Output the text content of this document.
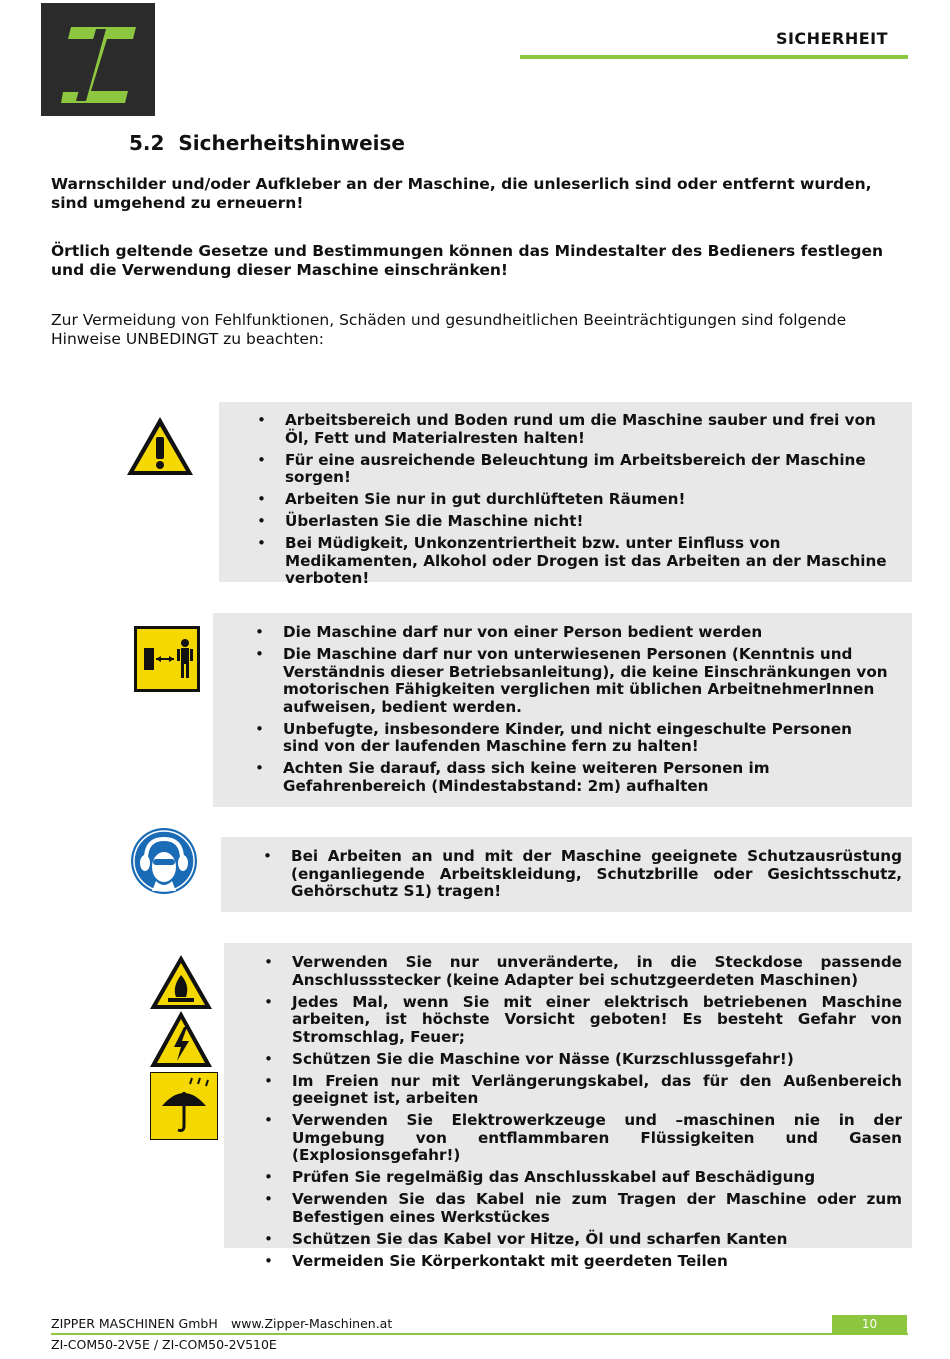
SICHERHEIT
5.2 Sicherheitshinweise
Warnschilder und/oder Aufkleber an der Maschine, die unleserlich sind oder entfernt wurden, sind umgehend zu erneuern!
Örtlich geltende Gesetze und Bestimmungen können das Mindestalter des Bedieners festlegen und die Verwendung dieser Maschine einschränken!
Zur Vermeidung von Fehlfunktionen, Schäden und gesundheitlichen Beeinträchtigungen sind folgende Hinweise UNBEDINGT zu beachten:
• Arbeitsbereich und Boden rund um die Maschine sauber und frei von Öl, Fett und Materialresten halten!
• Für eine ausreichende Beleuchtung im Arbeitsbereich der Maschine sorgen!
• Arbeiten Sie nur in gut durchlüfteten Räumen!
• Überlasten Sie die Maschine nicht!
• Bei Müdigkeit, Unkonzentriertheit bzw. unter Einfluss von Medikamenten, Alkohol oder Drogen ist das Arbeiten an der Maschine verboten!
• Die Maschine darf nur von einer Person bedient werden
• Die Maschine darf nur von unterwiesenen Personen (Kenntnis und Verständnis dieser Betriebsanleitung), die keine Einschränkungen von motorischen Fähigkeiten verglichen mit üblichen ArbeitnehmerInnen aufweisen, bedient werden.
• Unbefugte, insbesondere Kinder, und nicht eingeschulte Personen sind von der laufenden Maschine fern zu halten!
• Achten Sie darauf, dass sich keine weiteren Personen im Gefahrenbereich (Mindestabstand: 2m) aufhalten
• Bei Arbeiten an und mit der Maschine geeignete Schutzausrüstung (enganliegende Arbeitskleidung, Schutzbrille oder Gesichtsschutz, Gehörschutz S1) tragen!
• Verwenden Sie nur unveränderte, in die Steckdose passende Anschlussstecker (keine Adapter bei schutzgeerdeten Maschinen)
• Jedes Mal, wenn Sie mit einer elektrisch betriebenen Maschine arbeiten, ist höchste Vorsicht geboten! Es besteht Gefahr von Stromschlag, Feuer;
• Schützen Sie die Maschine vor Nässe (Kurzschlussgefahr!)
• Im Freien nur mit Verlängerungskabel, das für den Außenbereich geeignet ist, arbeiten
• Verwenden Sie Elektrowerkzeuge und –maschinen nie in der Umgebung von entflammbaren Flüssigkeiten und Gasen (Explosionsgefahr!)
• Prüfen Sie regelmäßig das Anschlusskabel auf Beschädigung
• Verwenden Sie das Kabel nie zum Tragen der Maschine oder zum Befestigen eines Werkstückes
• Schützen Sie das Kabel vor Hitze, Öl und scharfen Kanten
• Vermeiden Sie Körperkontakt mit geerdeten Teilen
ZIPPER MASCHINEN GmbH www.Zipper-Maschinen.at	10
ZI-COM50-2V5E / ZI-COM50-2V510E
